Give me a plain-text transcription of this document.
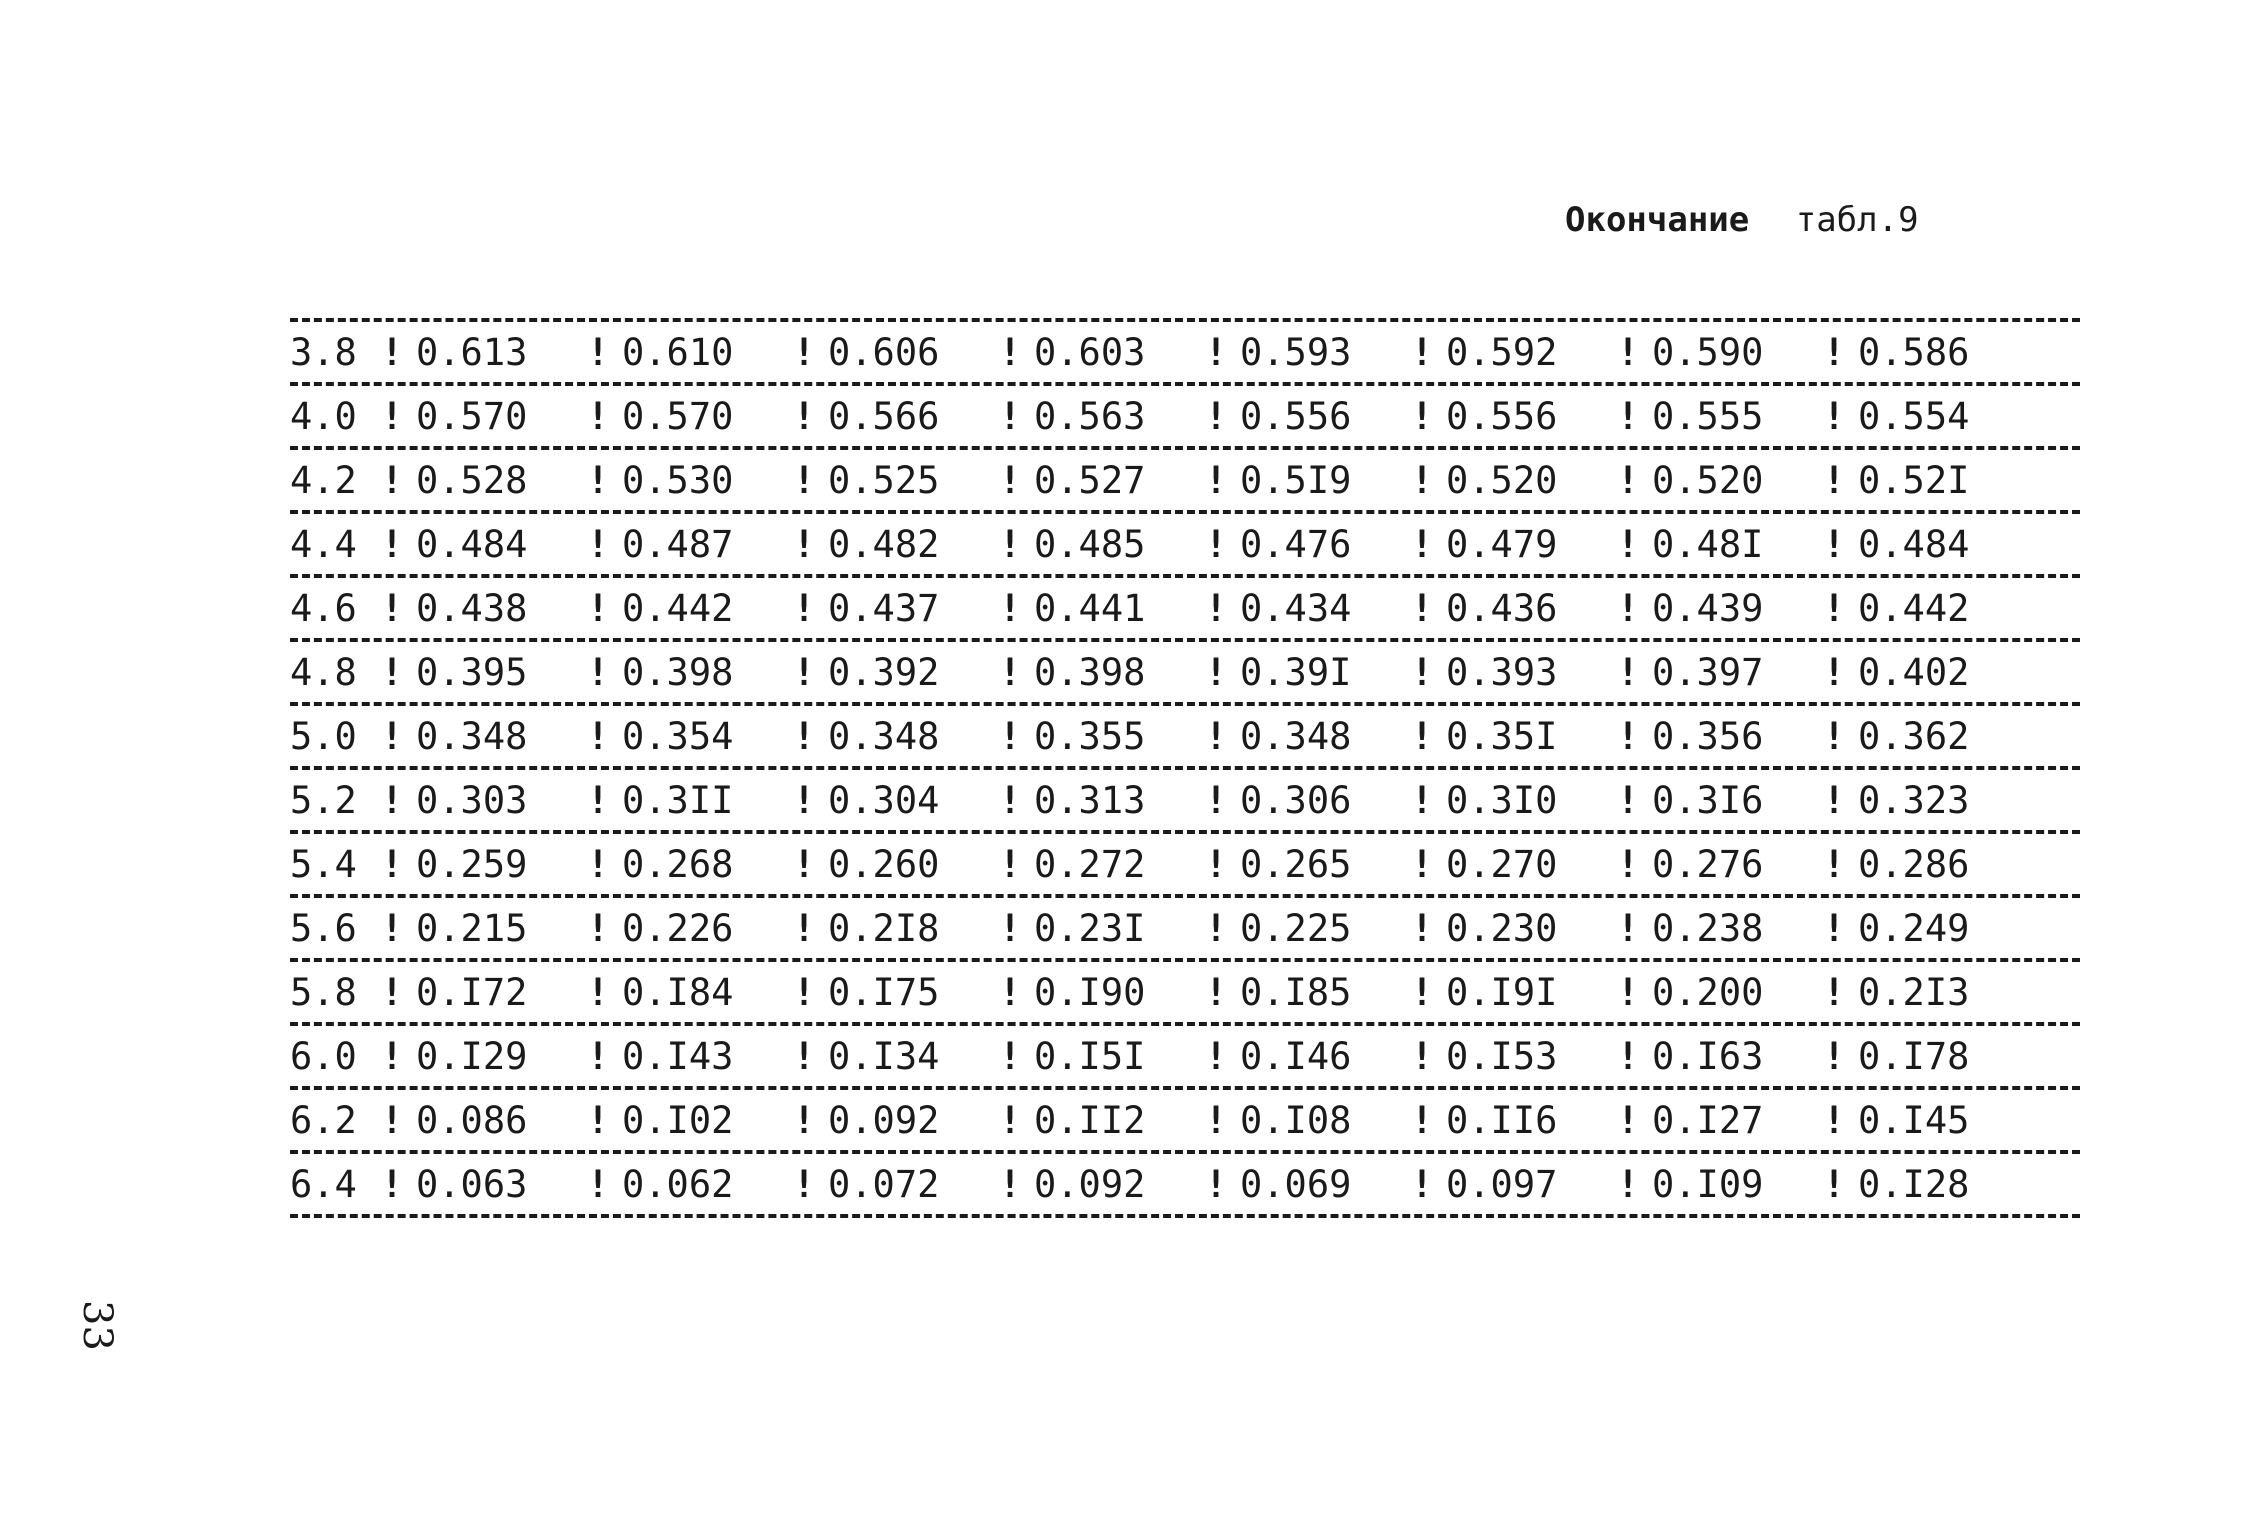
Окончание табл.9
3.8 ! 0.613	! 0.610	! 0.606	! 0.603	! 0.593	! 0.592	! 0.590	! 0.586
4.0 ! 0.570	! 0.570	! 0.566	! 0.563	! 0.556	! 0.556	! 0.555	! 0.554
4.2 ! 0.528	! 0.530	! 0.525	! 0.527	! 0.5I9	! 0.520	! 0.520	! 0.52I
4.4 ! 0.484	! 0.487	! 0.482	! 0.485	! 0.476	! 0.479	! 0.48I	! 0.484
4.6 ! 0.438	! 0.442	! 0.437	! 0.441	! 0.434	! 0.436	! 0.439	! 0.442
4.8 ! 0.395	! 0.398	! 0.392	! 0.398	! 0.39I	! 0.393	! 0.397	! 0.402
5.0 ! 0.348	! 0.354	! 0.348	! 0.355	! 0.348	! 0.35I	! 0.356	! 0.362
5.2 ! 0.303	! 0.3II	! 0.304	! 0.313	! 0.306	! 0.3I0	! 0.3I6	! 0.323
5.4 ! 0.259	! 0.268	! 0.260	! 0.272	! 0.265	! 0.270	! 0.276	! 0.286
5.6 ! 0.215	! 0.226	! 0.2I8	! 0.23I	! 0.225	! 0.230	! 0.238	! 0.249
5.8 ! 0.I72	! 0.I84	! 0.I75	! 0.I90	! 0.I85	! 0.I9I	! 0.200	! 0.2I3
6.0 ! 0.I29	! 0.I43	! 0.I34	! 0.I5I	! 0.I46	! 0.I53	! 0.I63	! 0.I78
6.2 ! 0.086	! 0.I02	! 0.092	! 0.II2	! 0.I08	! 0.II6	! 0.I27	! 0.I45
6.4 ! 0.063	! 0.062	! 0.072	! 0.092	! 0.069	! 0.097	! 0.I09	! 0.I28
33
